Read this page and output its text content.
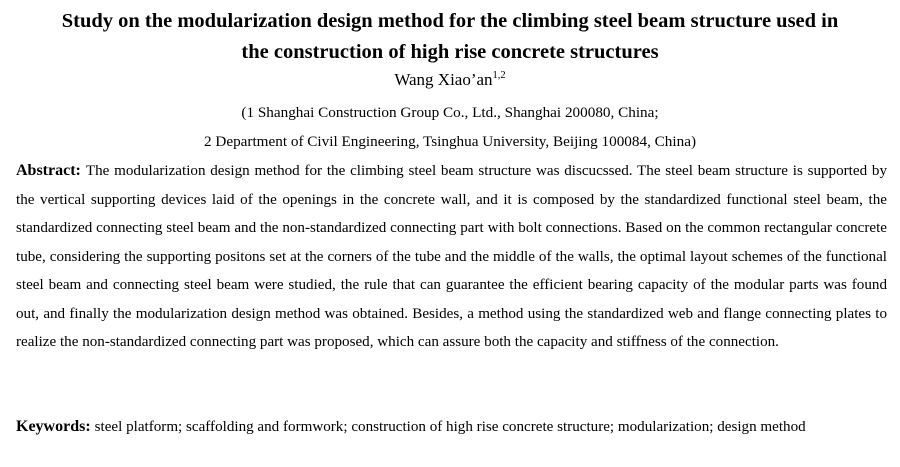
Study on the modularization design method for the climbing steel beam structure used in
the construction of high rise concrete structures
Wang Xiao’an$^{1,2}$
(1 Shanghai Construction Group Co., Ltd., Shanghai 200080, China;
2 Department of Civil Engineering, Tsinghua University, Beijing 100084, China)
Abstract: The modularization design method for the climbing steel beam structure was discucssed. The steel beam structure is supported by the vertical supporting devices laid of the openings in the concrete wall, and it is composed by the standardized functional steel beam, the standardized connecting steel beam and the non-standardized connecting part with bolt connections. Based on the common rectangular concrete tube, considering the supporting positons set at the corners of the tube and the middle of the walls, the optimal layout schemes of the functional steel beam and connecting steel beam were studied, the rule that can guarantee the efficient bearing capacity of the modular parts was found out, and finally the modularization design method was obtained. Besides, a method using the standardized web and flange connecting plates to realize the non-standardized connecting part was proposed, which can assure both the capacity and stiffness of the connection.
Keywords: steel platform; scaffolding and formwork; construction of high rise concrete structure; modularization; design method
